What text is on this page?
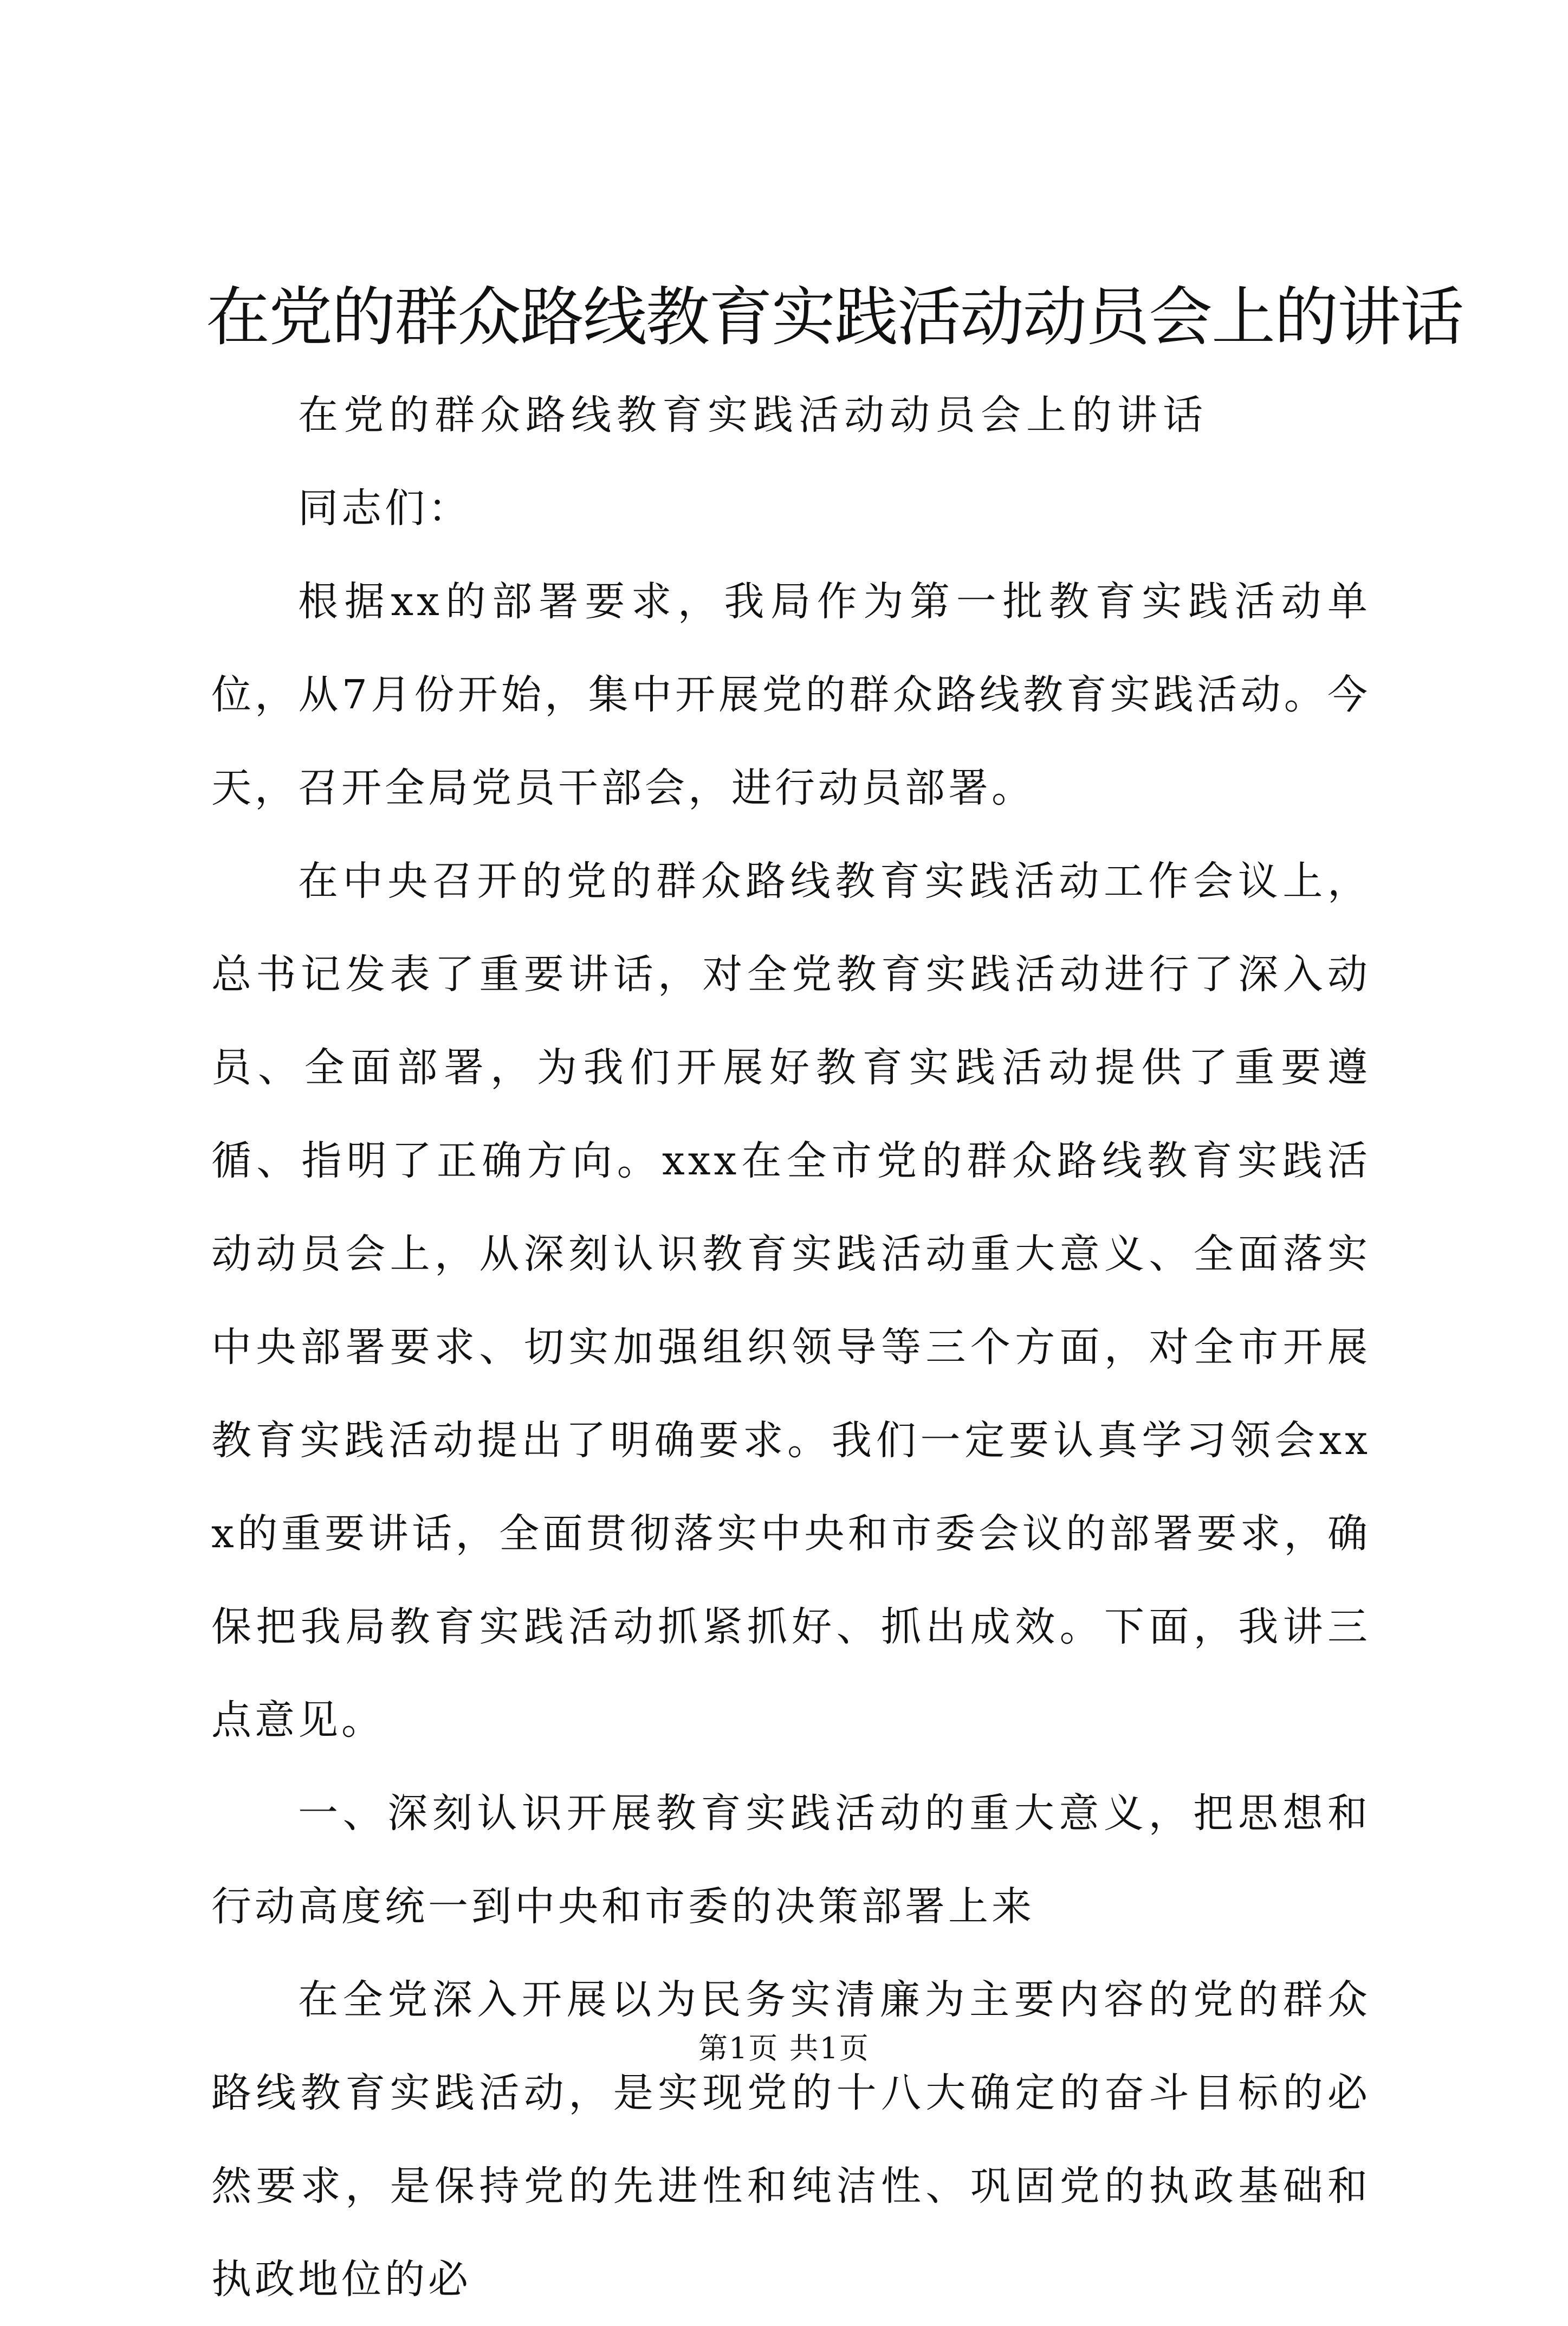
在党的群众路线教育实践活动动员会上的讲话

在党的群众路线教育实践活动动员会上的讲话

同志们：

根据xx的部署要求，我局作为第一批教育实践活动单位，从7月份开始，集中开展党的群众路线教育实践活动。今天，召开全局党员干部会，进行动员部署。

在中央召开的党的群众路线教育实践活动工作会议上，总书记发表了重要讲话，对全党教育实践活动进行了深入动员、全面部署，为我们开展好教育实践活动提供了重要遵循、指明了正确方向。xxx在全市党的群众路线教育实践活动动员会上，从深刻认识教育实践活动重大意义、全面落实中央部署要求、切实加强组织领导等三个方面，对全市开展教育实践活动提出了明确要求。我们一定要认真学习领会xxx的重要讲话，全面贯彻落实中央和市委会议的部署要求，确保把我局教育实践活动抓紧抓好、抓出成效。下面，我讲三点意见。

一、深刻认识开展教育实践活动的重大意义，把思想和行动高度统一到中央和市委的决策部署上来

在全党深入开展以为民务实清廉为主要内容的党的群众路线教育实践活动，是实现党的十八大确定的奋斗目标的必然要求，是保持党的先进性和纯洁性、巩固党的执政基础和执政地位的必

第1页 共1页
